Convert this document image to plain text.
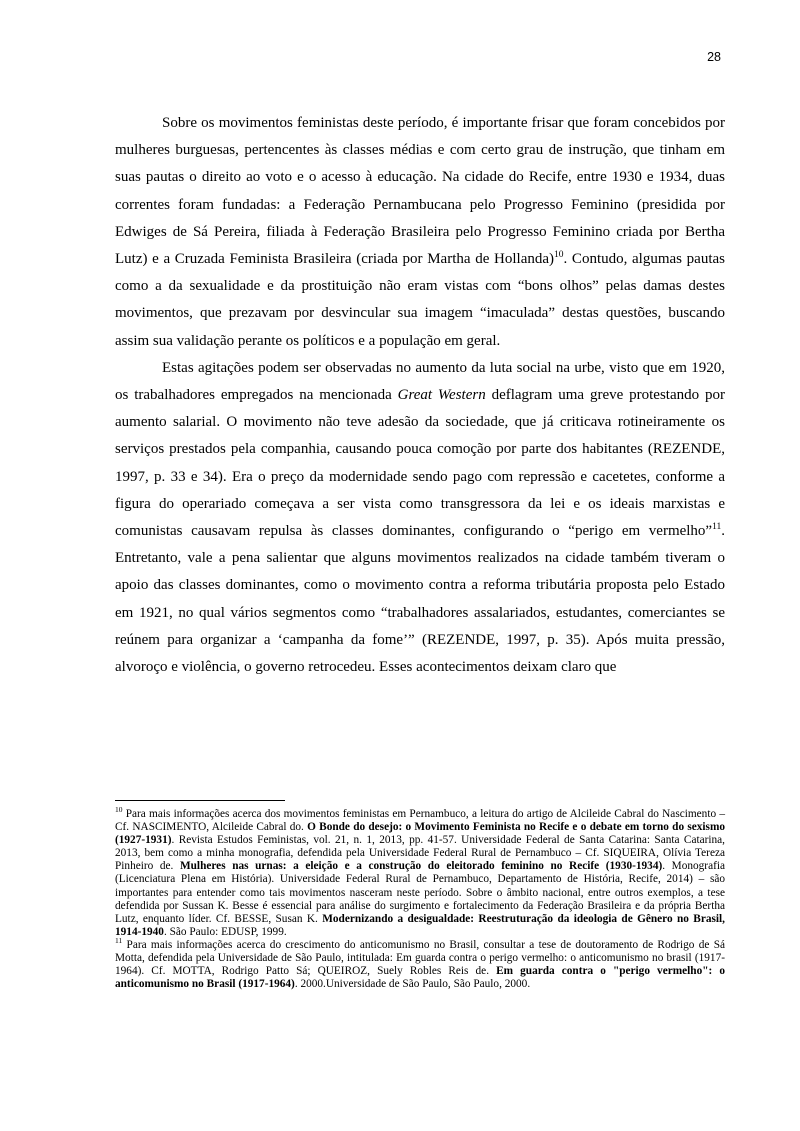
28

Sobre os movimentos feministas deste período, é importante frisar que foram concebidos por mulheres burguesas, pertencentes às classes médias e com certo grau de instrução, que tinham em suas pautas o direito ao voto e o acesso à educação. Na cidade do Recife, entre 1930 e 1934, duas correntes foram fundadas: a Federação Pernambucana pelo Progresso Feminino (presidida por Edwiges de Sá Pereira, filiada à Federação Brasileira pelo Progresso Feminino criada por Bertha Lutz) e a Cruzada Feminista Brasileira (criada por Martha de Hollanda)$^{10}$. Contudo, algumas pautas como a da sexualidade e da prostituição não eram vistas com “bons olhos” pelas damas destes movimentos, que prezavam por desvincular sua imagem “imaculada” destas questões, buscando assim sua validação perante os políticos e a população em geral.

Estas agitações podem ser observadas no aumento da luta social na urbe, visto que em 1920, os trabalhadores empregados na mencionada Great Western deflagram uma greve protestando por aumento salarial. O movimento não teve adesão da sociedade, que já criticava rotineiramente os serviços prestados pela companhia, causando pouca comoção por parte dos habitantes (REZENDE, 1997, p. 33 e 34). Era o preço da modernidade sendo pago com repressão e cacetetes, conforme a figura do operariado começava a ser vista como transgressora da lei e os ideais marxistas e comunistas causavam repulsa às classes dominantes, configurando o “perigo em vermelho”$^{11}$. Entretanto, vale a pena salientar que alguns movimentos realizados na cidade também tiveram o apoio das classes dominantes, como o movimento contra a reforma tributária proposta pelo Estado em 1921, no qual vários segmentos como “trabalhadores assalariados, estudantes, comerciantes se reúnem para organizar a ‘campanha da fome’” (REZENDE, 1997, p. 35). Após muita pressão, alvoroço e violência, o governo retrocedeu. Esses acontecimentos deixam claro que

$^{10}$ Para mais informações acerca dos movimentos feministas em Pernambuco, a leitura do artigo de Alcileide Cabral do Nascimento – Cf. NASCIMENTO, Alcileide Cabral do. O Bonde do desejo: o Movimento Feminista no Recife e o debate em torno do sexismo (1927-1931). Revista Estudos Feministas, vol. 21, n. 1, 2013, pp. 41-57. Universidade Federal de Santa Catarina: Santa Catarina, 2013, bem como a minha monografia, defendida pela Universidade Federal Rural de Pernambuco – Cf. SIQUEIRA, Olívia Tereza Pinheiro de. Mulheres nas urnas: a eleição e a construção do eleitorado feminino no Recife (1930-1934). Monografia (Licenciatura Plena em História). Universidade Federal Rural de Pernambuco, Departamento de História, Recife, 2014) – são importantes para entender como tais movimentos nasceram neste período. Sobre o âmbito nacional, entre outros exemplos, a tese defendida por Sussan K. Besse é essencial para análise do surgimento e fortalecimento da Federação Brasileira e da própria Bertha Lutz, enquanto líder. Cf. BESSE, Susan K. Modernizando a desigualdade: Reestruturação da ideologia de Gênero no Brasil, 1914-1940. São Paulo: EDUSP, 1999.

$^{11}$ Para mais informações acerca do crescimento do anticomunismo no Brasil, consultar a tese de doutoramento de Rodrigo de Sá Motta, defendida pela Universidade de São Paulo, intitulada: Em guarda contra o perigo vermelho: o anticomunismo no brasil (1917-1964). Cf. MOTTA, Rodrigo Patto Sá; QUEIROZ, Suely Robles Reis de. Em guarda contra o "perigo vermelho": o anticomunismo no Brasil (1917-1964). 2000.Universidade de São Paulo, São Paulo, 2000.
